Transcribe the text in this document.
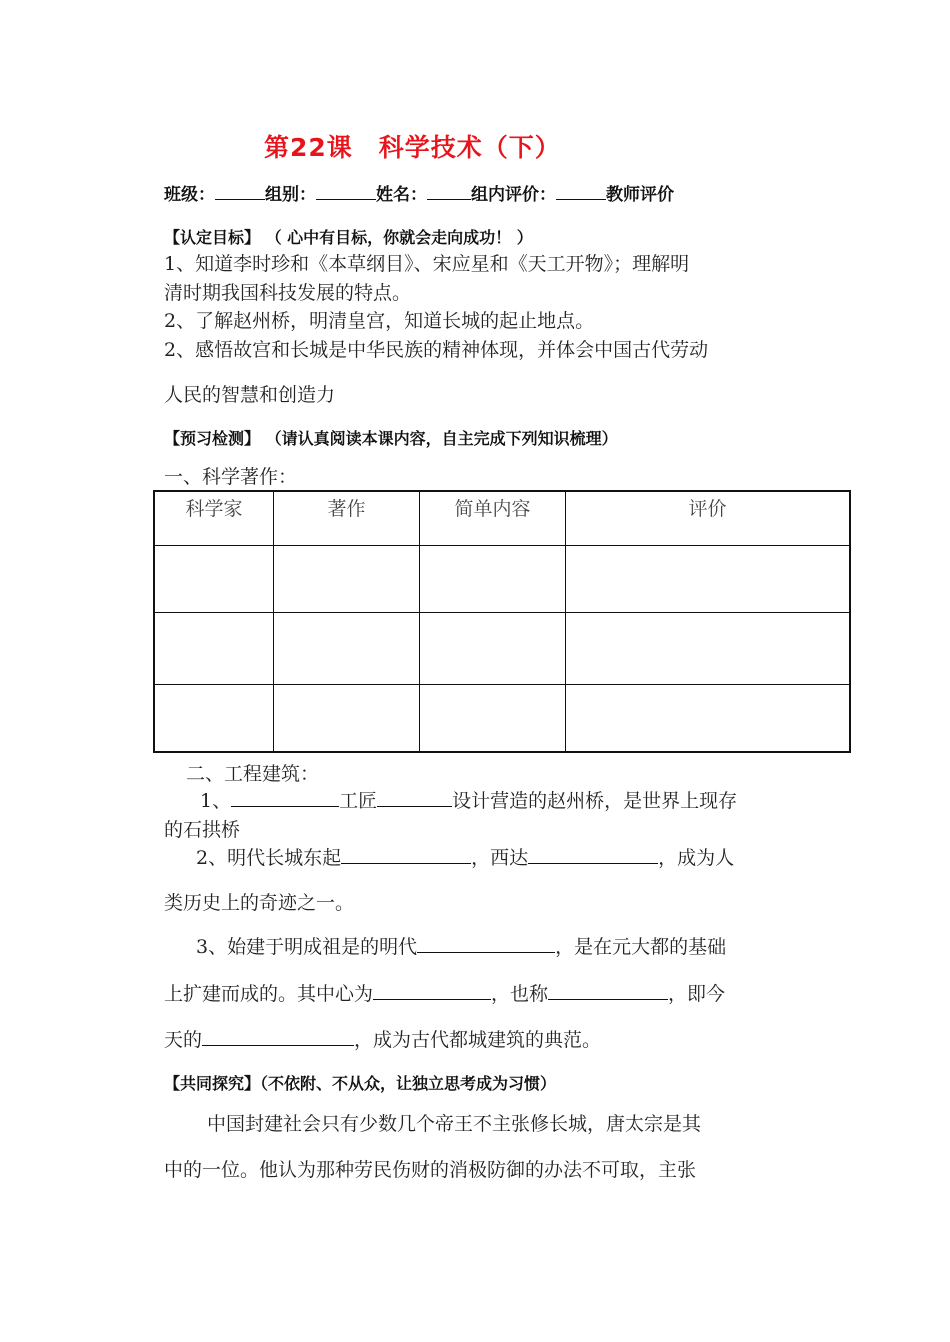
第22课　科学技术（下）
班级：	组别：	姓名：	组内评价：	教师评价
【认定目标】 （ 心中有目标，你就会走向成功！ ）
1、知道李时珍和《本草纲目》、宋应星和《天工开物》；理解明
清时期我国科技发展的特点。
2、了解赵州桥，明清皇宫，知道长城的起止地点。
2、感悟故宫和长城是中华民族的精神体现，并体会中国古代劳动
人民的智慧和创造力
【预习检测】 （请认真阅读本课内容，自主完成下列知识梳理）
一、科学著作：
科学家	著作	简单内容	评价

二、工程建筑：
1、	工匠	设计营造的赵州桥，是世界上现存
的石拱桥
2、明代长城东起	，西达	，成为人
类历史上的奇迹之一。
3、始建于明成祖是的明代	，是在元大都的基础
上扩建而成的。其中心为	，也称	，即今
天的	，成为古代都城建筑的典范。
【共同探究】（不依附、不从众，让独立思考成为习惯）
中国封建社会只有少数几个帝王不主张修长城，唐太宗是其
中的一位。他认为那种劳民伤财的消极防御的办法不可取，主张
